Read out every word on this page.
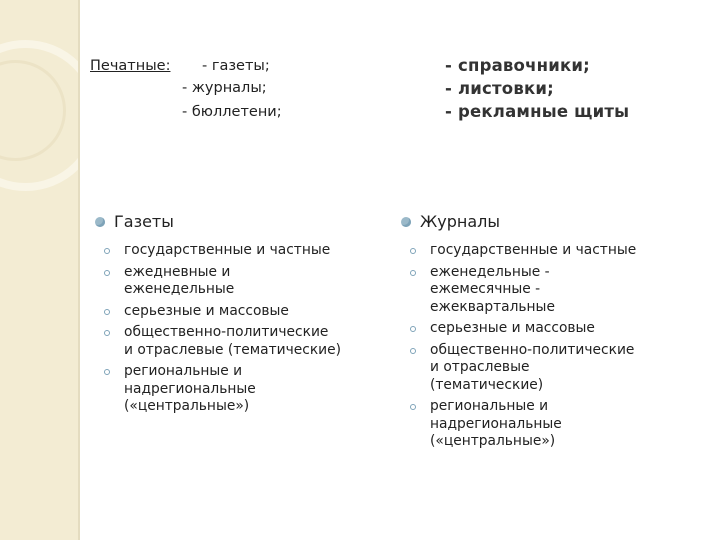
Печатные: - газеты;
- журналы;
- бюллетени;
- справочники;
- листовки;
- рекламные щиты
Газеты
государственные и частные
ежедневные и
еженедельные
серьезные и массовые
общественно-политические
и отраслевые (тематические)
региональные и
надрегиональные
(«центральные»)
Журналы
государственные и частные
еженедельные -
ежемесячные -
ежеквартальные
серьезные и массовые
общественно-политические
и отраслевые
(тематические)
региональные и
надрегиональные
(«центральные»)
